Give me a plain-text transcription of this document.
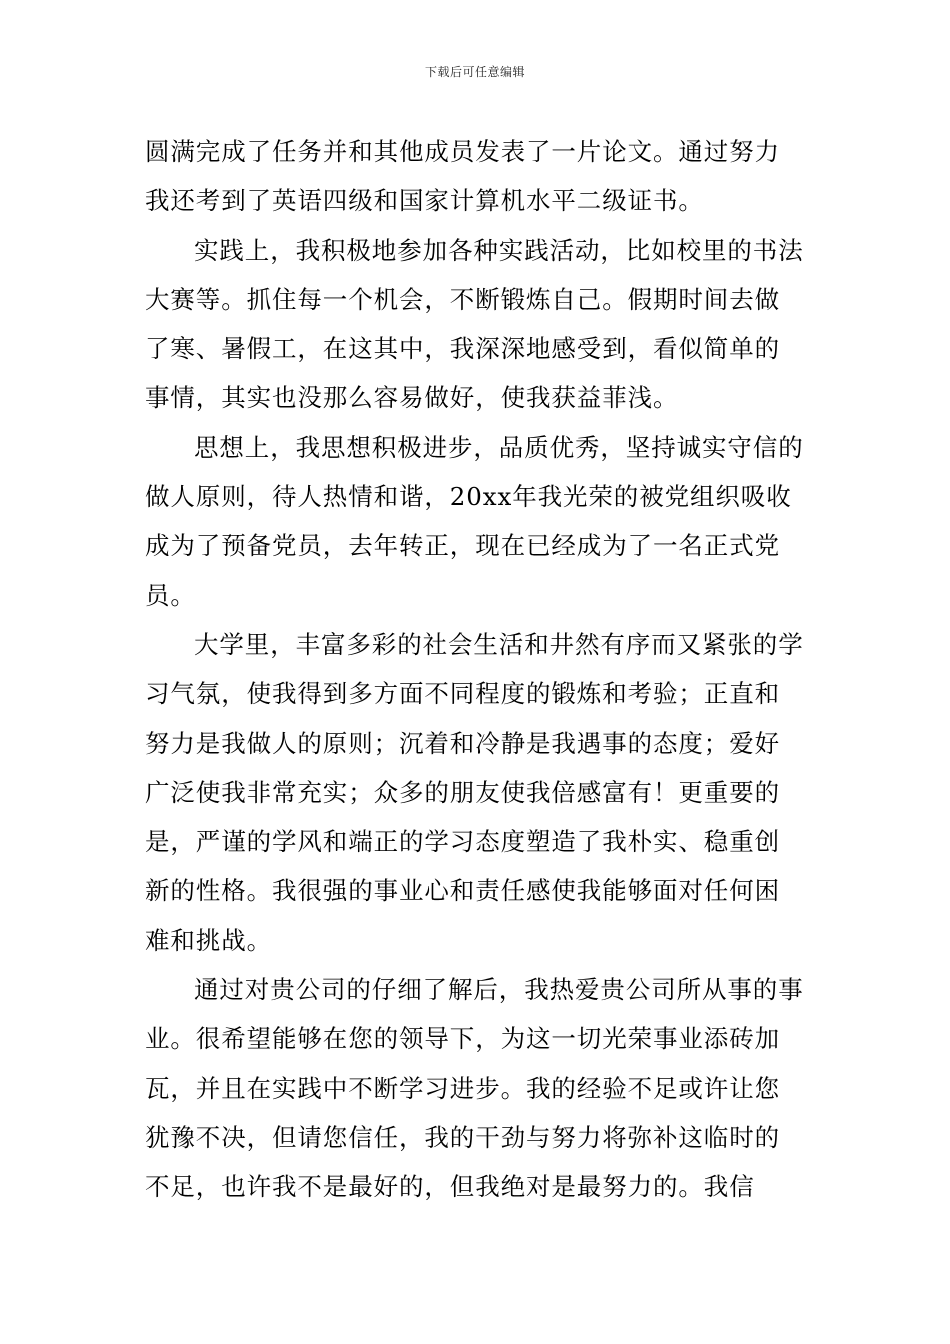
下载后可任意编辑

圆满完成了任务并和其他成员发表了一片论文。通过努力我还考到了英语四级和国家计算机水平二级证书。

实践上，我积极地参加各种实践活动，比如校里的书法大赛等。抓住每一个机会，不断锻炼自己。假期时间去做了寒、暑假工，在这其中，我深深地感受到，看似简单的事情，其实也没那么容易做好，使我获益菲浅。

思想上，我思想积极进步，品质优秀，坚持诚实守信的做人原则，待人热情和谐，20xx年我光荣的被党组织吸收成为了预备党员，去年转正，现在已经成为了一名正式党员。

大学里，丰富多彩的社会生活和井然有序而又紧张的学习气氛，使我得到多方面不同程度的锻炼和考验；正直和努力是我做人的原则；沉着和冷静是我遇事的态度；爱好广泛使我非常充实；众多的朋友使我倍感富有！更重要的是，严谨的学风和端正的学习态度塑造了我朴实、稳重创新的性格。我很强的事业心和责任感使我能够面对任何困难和挑战。

通过对贵公司的仔细了解后，我热爱贵公司所从事的事业。很希望能够在您的领导下，为这一切光荣事业添砖加瓦，并且在实践中不断学习进步。我的经验不足或许让您犹豫不决，但请您信任，我的干劲与努力将弥补这临时的不足，也许我不是最好的，但我绝对是最努力的。我信
